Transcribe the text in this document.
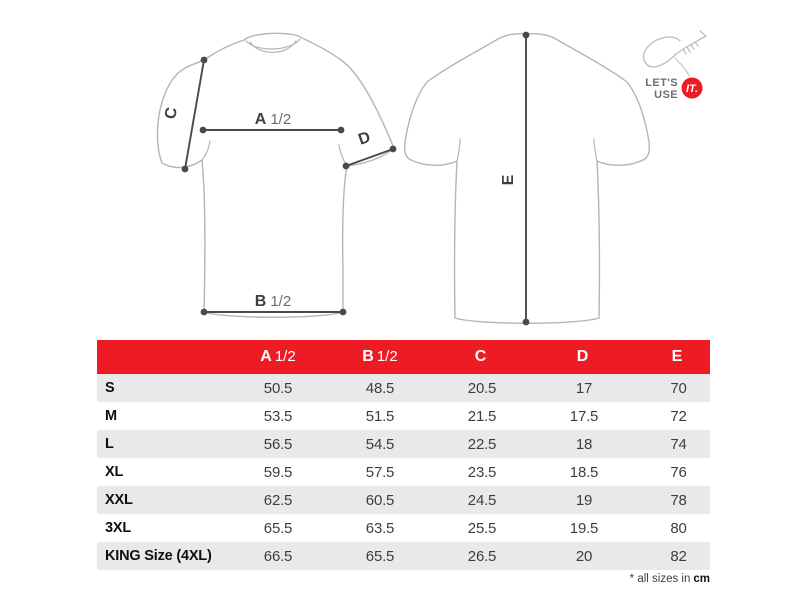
C	A 1/2
D
B 1/2
E
LET'S
USE IT.
	A 1/2	B 1/2	C	D	E
S	50.5	48.5	20.5	17	70
M	53.5	51.5	21.5	17.5	72
L	56.5	54.5	22.5	18	74
XL	59.5	57.5	23.5	18.5	76
XXL	62.5	60.5	24.5	19	78
3XL	65.5	63.5	25.5	19.5	80
KING Size (4XL)	66.5	65.5	26.5	20	82
* all sizes in cm
